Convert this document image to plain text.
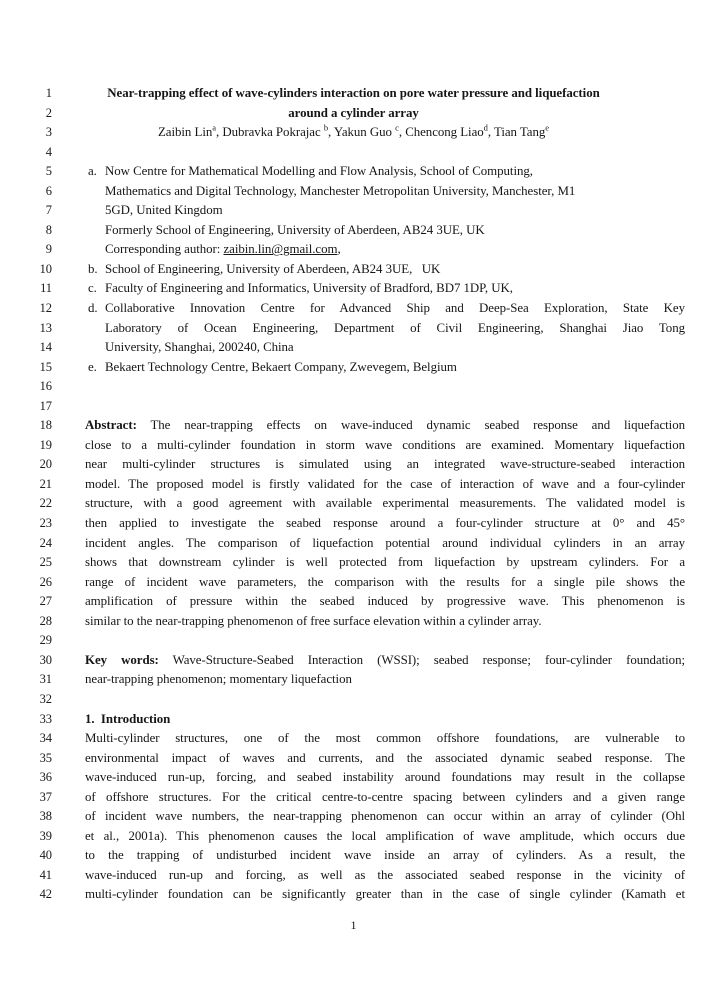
1	Near-trapping effect of wave-cylinders interaction on pore water pressure and liquefaction
2	around a cylinder array
3	Zaibin Lin$^a$, Dubravka Pokrajac $^b$, Yakun Guo $^c$, Chencong Liao$^d$, Tian Tang$^e$
4
5	a. Now Centre for Mathematical Modelling and Flow Analysis, School of Computing,
6	Mathematics and Digital Technology, Manchester Metropolitan University, Manchester, M1
7	5GD, United Kingdom
8	Formerly School of Engineering, University of Aberdeen, AB24 3UE, UK
9	Corresponding author: zaibin.lin@gmail.com,
10	b. School of Engineering, University of Aberdeen, AB24 3UE,   UK
11	c. Faculty of Engineering and Informatics, University of Bradford, BD7 1DP, UK,
12	d. Collaborative Innovation Centre for Advanced Ship and Deep-Sea Exploration, State Key
13	Laboratory of Ocean Engineering, Department of Civil Engineering, Shanghai Jiao Tong
14	University, Shanghai, 200240, China
15	e. Bekaert Technology Centre, Bekaert Company, Zwevegem, Belgium
16
17
18	Abstract: The near-trapping effects on wave-induced dynamic seabed response and liquefaction
19	close to a multi-cylinder foundation in storm wave conditions are examined. Momentary liquefaction
20	near multi-cylinder structures is simulated using an integrated wave-structure-seabed interaction
21	model. The proposed model is firstly validated for the case of interaction of wave and a four-cylinder
22	structure, with a good agreement with available experimental measurements. The validated model is
23	then applied to investigate the seabed response around a four-cylinder structure at 0° and 45°
24	incident angles. The comparison of liquefaction potential around individual cylinders in an array
25	shows that downstream cylinder is well protected from liquefaction by upstream cylinders. For a
26	range of incident wave parameters, the comparison with the results for a single pile shows the
27	amplification of pressure within the seabed induced by progressive wave. This phenomenon is
28	similar to the near-trapping phenomenon of free surface elevation within a cylinder array.
29
30	Key words: Wave-Structure-Seabed Interaction (WSSI); seabed response; four-cylinder foundation;
31	near-trapping phenomenon; momentary liquefaction
32
33	1.  Introduction
34	Multi-cylinder structures, one of the most common offshore foundations, are vulnerable to
35	environmental impact of waves and currents, and the associated dynamic seabed response. The
36	wave-induced run-up, forcing, and seabed instability around foundations may result in the collapse
37	of offshore structures. For the critical centre-to-centre spacing between cylinders and a given range
38	of incident wave numbers, the near-trapping phenomenon can occur within an array of cylinder (Ohl
39	et al., 2001a). This phenomenon causes the local amplification of wave amplitude, which occurs due
40	to the trapping of undisturbed incident wave inside an array of cylinders. As a result, the
41	wave-induced run-up and forcing, as well as the associated seabed response in the vicinity of
42	multi-cylinder foundation can be significantly greater than in the case of single cylinder (Kamath et
1
